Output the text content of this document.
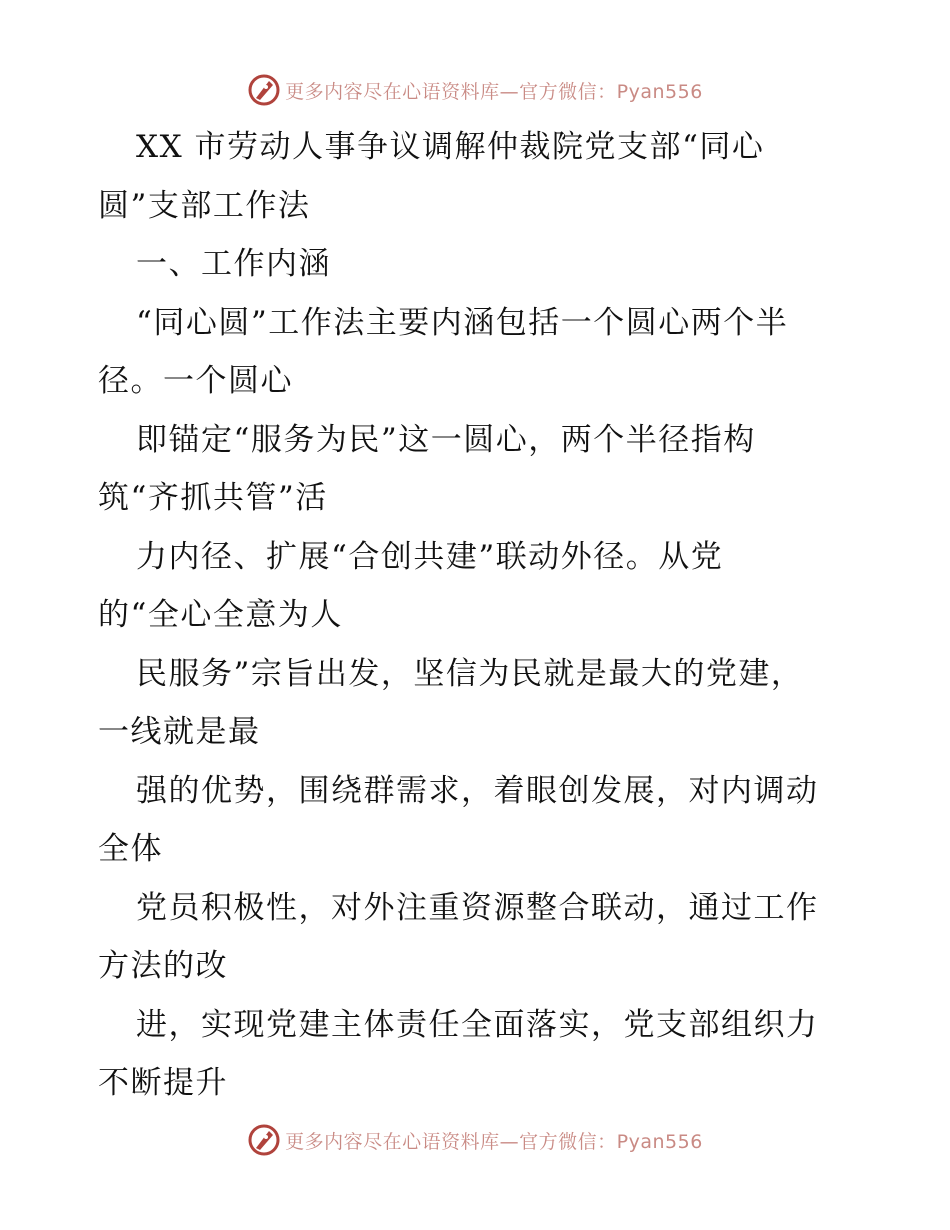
更多内容尽在心语资料库—官方微信：Pyan556
XX 市劳动人事争议调解仲裁院党支部“同心
圆”支部工作法
一、工作内涵
“同心圆”工作法主要内涵包括一个圆心两个半
径。一个圆心
即锚定“服务为民”这一圆心，两个半径指构
筑“齐抓共管”活
力内径、扩展“合创共建”联动外径。从党
的“全心全意为人
民服务”宗旨出发，坚信为民就是最大的党建，
一线就是最
强的优势，围绕群需求，着眼创发展，对内调动
全体
党员积极性，对外注重资源整合联动，通过工作
方法的改
进，实现党建主体责任全面落实，党支部组织力
不断提升
更多内容尽在心语资料库—官方微信：Pyan556
